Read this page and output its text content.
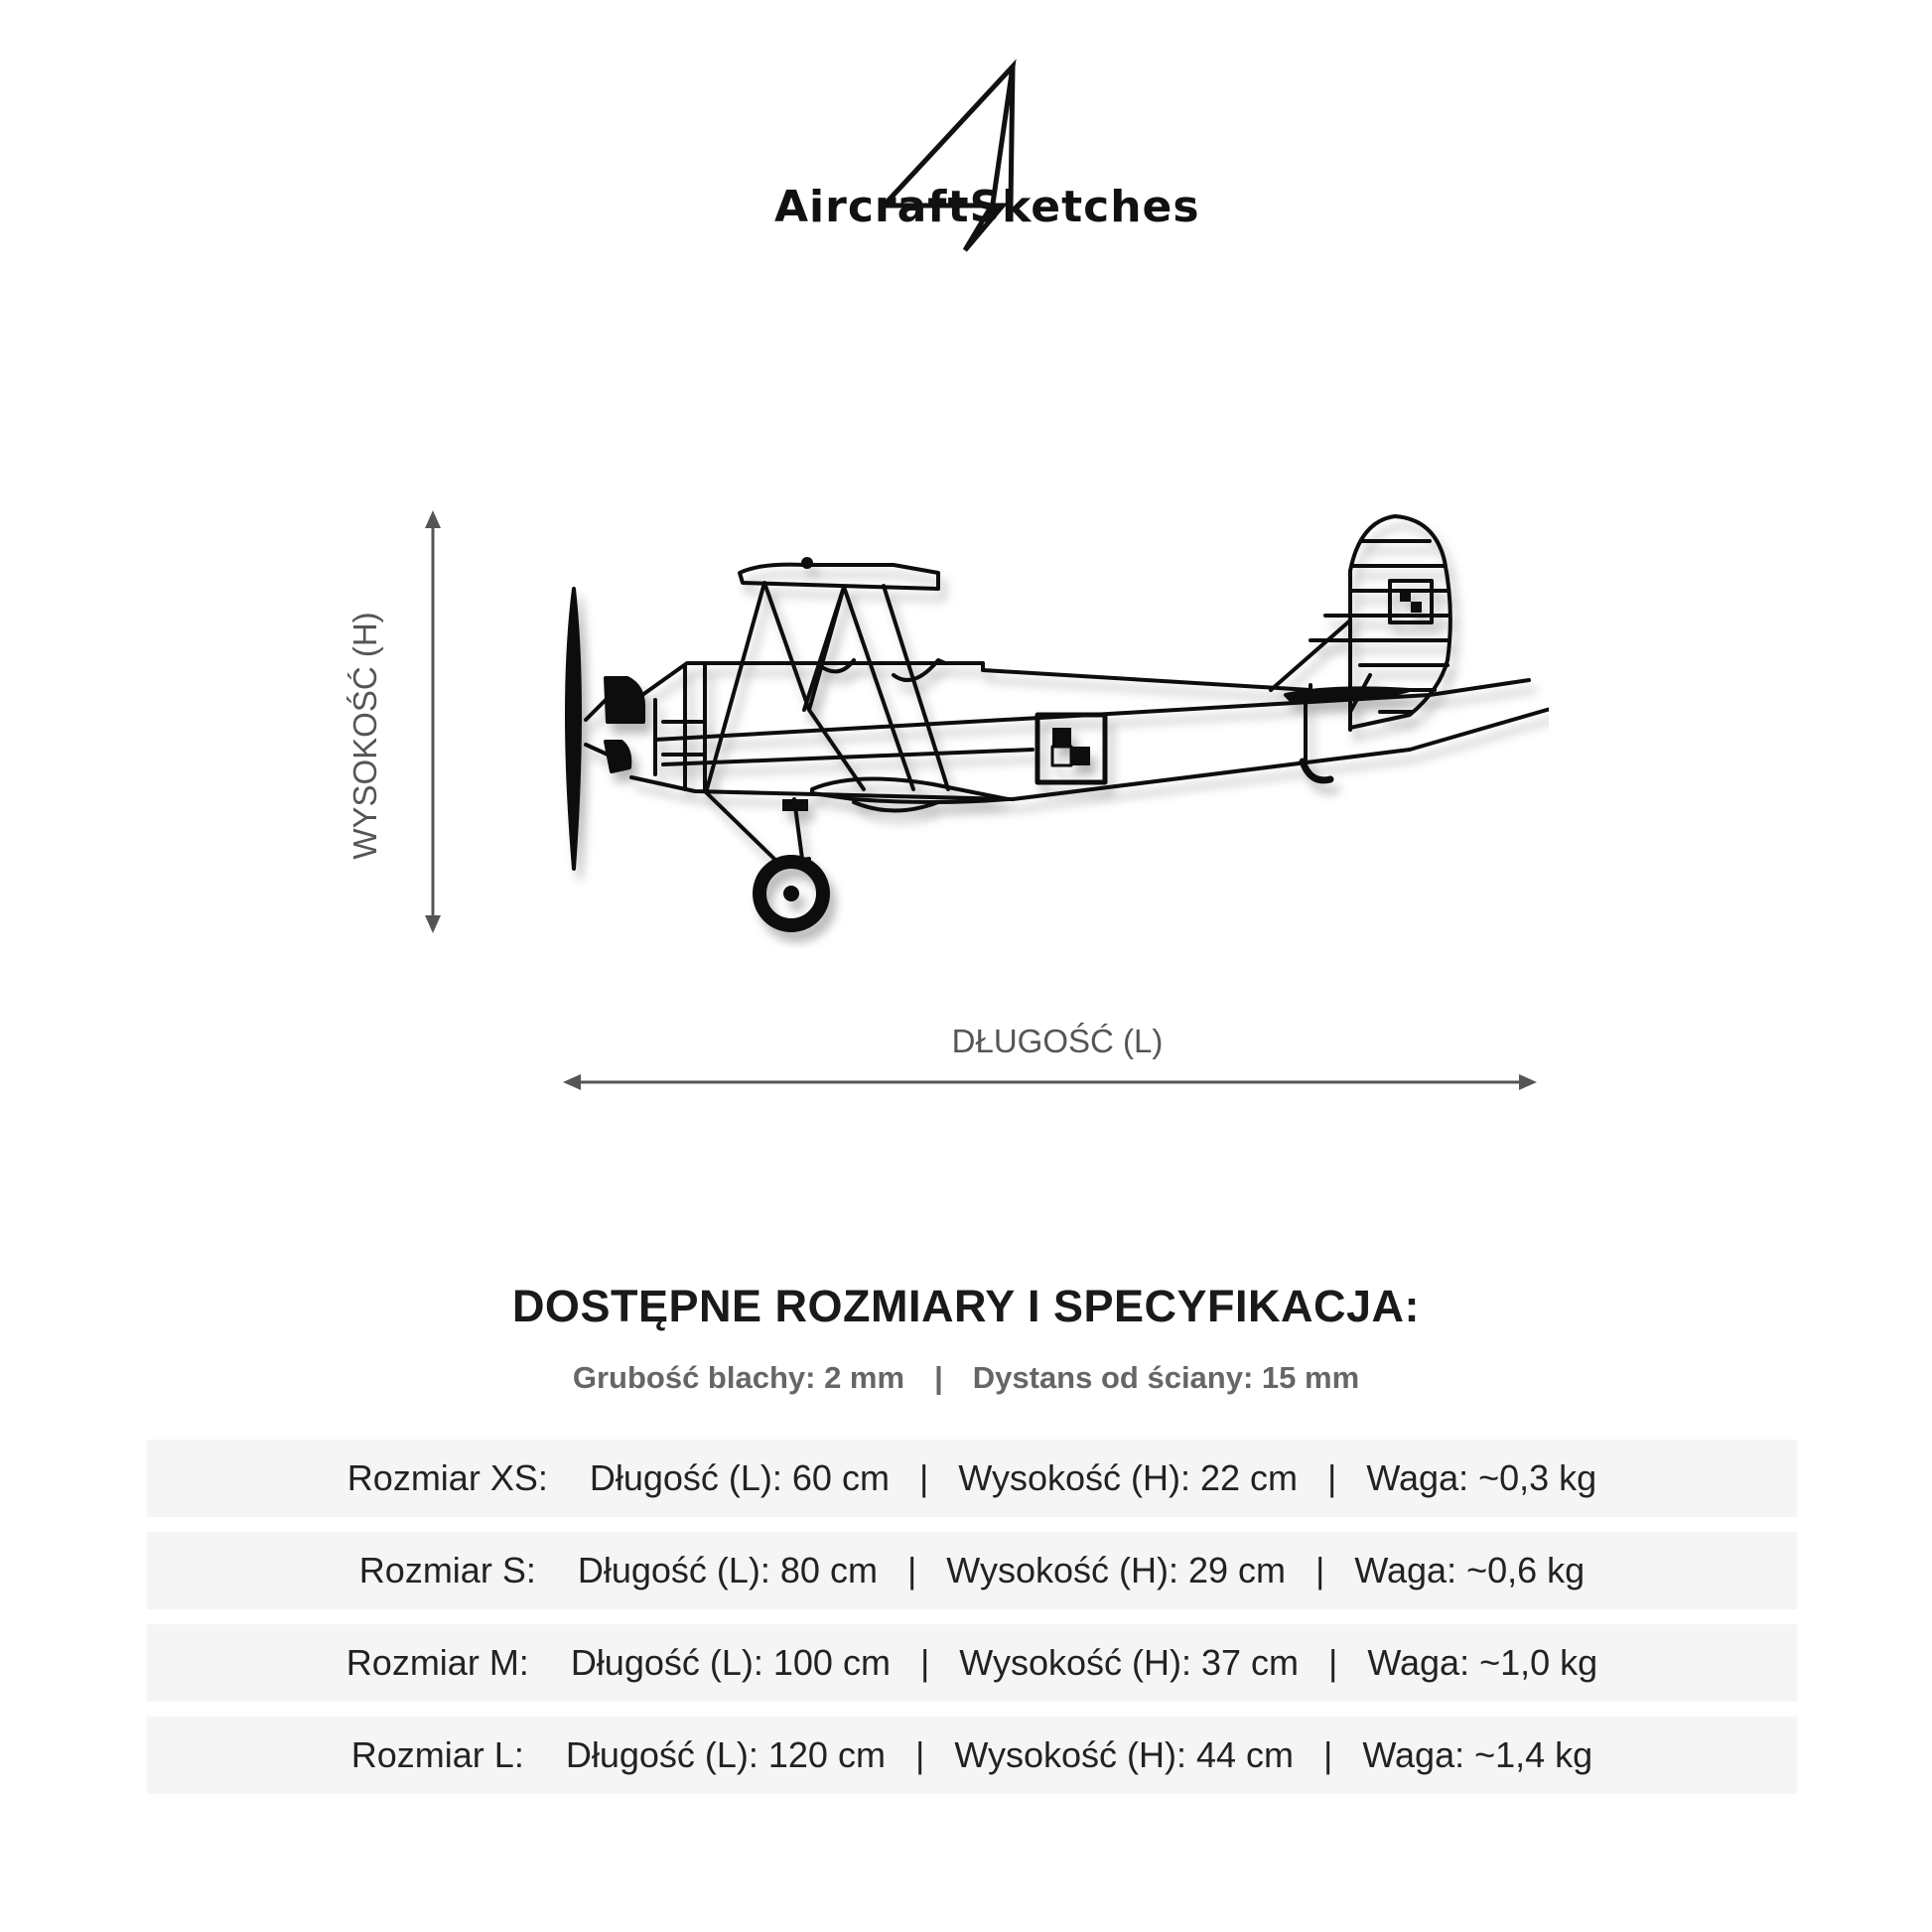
AircraftSketches
WYSOKOŚĆ (H)
DŁUGOŚĆ (L)
DOSTĘPNE ROZMIARY I SPECYFIKACJA:
Grubość blachy: 2 mm | Dystans od ściany: 15 mm
Rozmiar XS: Długość (L): 60 cm | Wysokość (H): 22 cm | Waga: ~0,3 kg
Rozmiar S: Długość (L): 80 cm | Wysokość (H): 29 cm | Waga: ~0,6 kg
Rozmiar M: Długość (L): 100 cm | Wysokość (H): 37 cm | Waga: ~1,0 kg
Rozmiar L: Długość (L): 120 cm | Wysokość (H): 44 cm | Waga: ~1,4 kg
